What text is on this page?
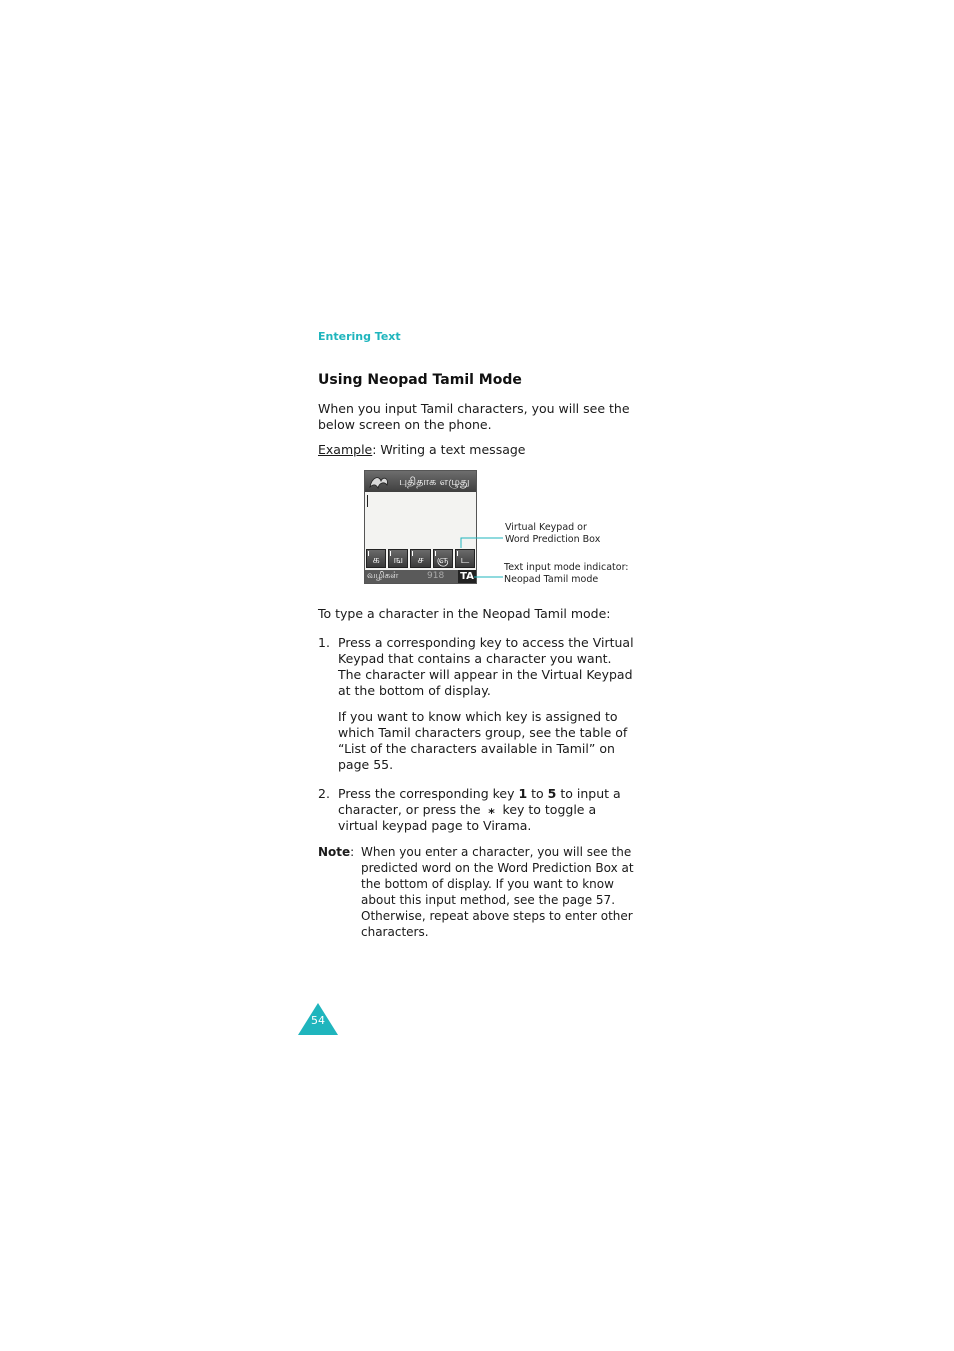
Entering Text
Using Neopad Tamil Mode
When you input Tamil characters, you will see the below screen on the phone.
Example: Writing a text message
புதிதாக எழுது
க	ங	ச	ஞ	ட
வழிகள்	918 TA
Virtual Keypad or
Word Prediction Box
Text input mode indicator:
Neopad Tamil mode
To type a character in the Neopad Tamil mode:
1. Press a corresponding key to access the Virtual Keypad that contains a character you want. The character will appear in the Virtual Keypad at the bottom of display.
If you want to know which key is assigned to which Tamil characters group, see the table of “List of the characters available in Tamil” on page 55.
2. Press the corresponding key 1 to 5 to input a character, or press the ⁎ key to toggle a virtual keypad page to Virama.
Note: When you enter a character, you will see the predicted word on the Word Prediction Box at the bottom of display. If you want to know about this input method, see the page 57. Otherwise, repeat above steps to enter other characters.
54
